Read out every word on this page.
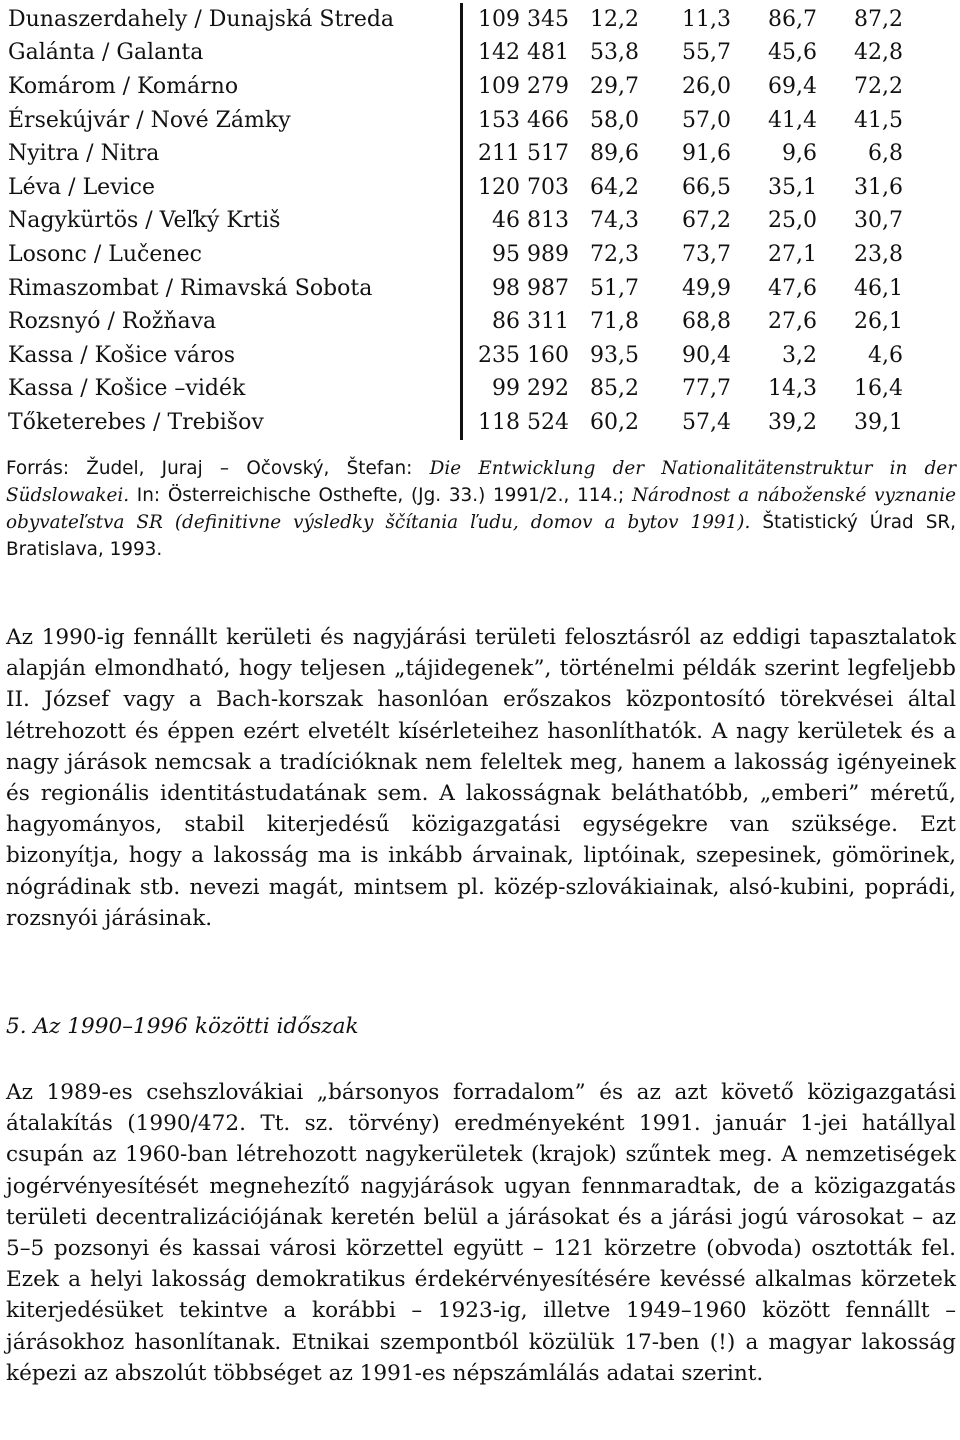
Dunaszerdahely / Dunajská Streda	109 345	12,2	11,3	86,7	87,2
Galánta / Galanta	142 481	53,8	55,7	45,6	42,8
Komárom / Komárno	109 279	29,7	26,0	69,4	72,2
Érsekújvár / Nové Zámky	153 466	58,0	57,0	41,4	41,5
Nyitra / Nitra	211 517	89,6	91,6	9,6	6,8
Léva / Levice	120 703	64,2	66,5	35,1	31,6
Nagykürtös / Veľký Krtiš	46 813	74,3	67,2	25,0	30,7
Losonc / Lučenec	95 989	72,3	73,7	27,1	23,8
Rimaszombat / Rimavská Sobota	98 987	51,7	49,9	47,6	46,1
Rozsnyó / Rožňava	86 311	71,8	68,8	27,6	26,1
Kassa / Košice város	235 160	93,5	90,4	3,2	4,6
Kassa / Košice –vidék	99 292	85,2	77,7	14,3	16,4
Tőketerebes / Trebišov	118 524	60,2	57,4	39,2	39,1
Forrás: Žudel, Juraj – Očovský, Štefan: Die Entwicklung der Nationalitätenstruktur in der Südslowakei. In: Österreichische Osthefte, (Jg. 33.) 1991/2., 114.; Národnost a náboženské vyznanie obyvateľstva SR (definitivne výsledky ščítania ľudu, domov a bytov 1991). Štatistický Úrad SR, Bratislava, 1993.

Az 1990-ig fennállt kerületi és nagyjárási területi felosztásról az eddigi tapasztalatok alapján elmondható, hogy teljesen „tájidegenek”, történelmi példák szerint legfeljebb II. József vagy a Bach-korszak hasonlóan erőszakos központosító törekvései által létrehozott és éppen ezért elvetélt kísérleteihez hasonlíthatók. A nagy kerületek és a nagy járások nemcsak a tradícióknak nem feleltek meg, hanem a lakosság igényeinek és regionális identitástudatának sem. A lakosságnak beláthatóbb, „emberi” méretű, hagyományos, stabil kiterjedésű közigazgatási egységekre van szüksége. Ezt bizonyítja, hogy a lakosság ma is inkább árvainak, liptóinak, szepesinek, gömörinek, nógrádinak stb. nevezi magát, mintsem pl. közép-szlovákiainak, alsó-kubini, poprádi, rozsnyói járásinak.

5. Az 1990–1996 közötti időszak

Az 1989-es csehszlovákiai „bársonyos forradalom” és az azt követő közigazgatási átalakítás (1990/472. Tt. sz. törvény) eredményeként 1991. január 1-jei hatállyal csupán az 1960-ban létrehozott nagykerületek (krajok) szűntek meg. A nemzetiségek jogérvényesítését megnehezítő nagyjárások ugyan fennmaradtak, de a közigazgatás területi decentralizációjának keretén belül a járásokat és a járási jogú városokat – az 5–5 pozsonyi és kassai városi körzettel együtt – 121 körzetre (obvoda) osztották fel. Ezek a helyi lakosság demokratikus érdekérvényesítésére kevéssé alkalmas körzetek kiterjedésüket tekintve a korábbi – 1923-ig, illetve 1949–1960 között fennállt – járásokhoz hasonlítanak. Etnikai szempontból közülük 17-ben (!) a magyar lakosság képezi az abszolút többséget az 1991-es népszámlálás adatai szerint.
